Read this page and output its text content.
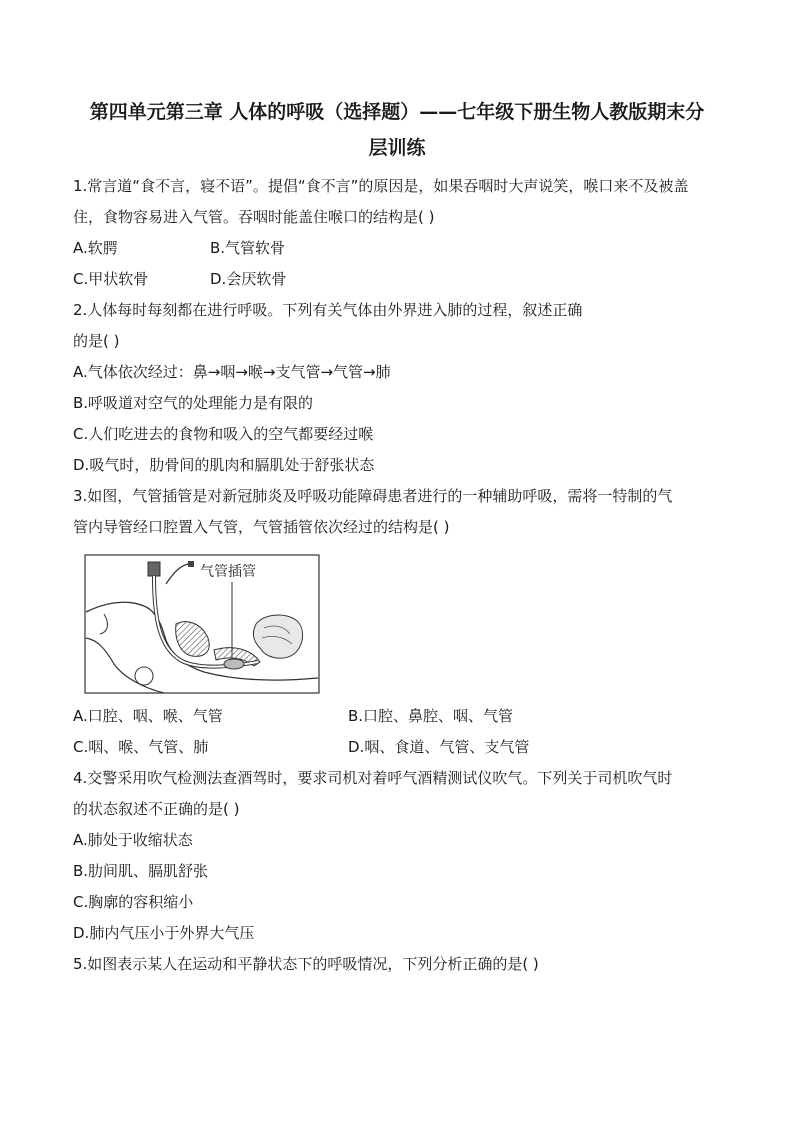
第四单元第三章 人体的呼吸（选择题）——七年级下册生物人教版期末分
层训练
1.常言道“食不言，寝不语”。提倡“食不言”的原因是，如果吞咽时大声说笑，喉口来不及被盖
住，食物容易进入气管。吞咽时能盖住喉口的结构是( )
A.软腭	B.气管软骨
C.甲状软骨	D.会厌软骨
2.人体每时每刻都在进行呼吸。下列有关气体由外界进入肺的过程，叙述正确
的是( )
A.气体依次经过：鼻→咽→喉→支气管→气管→肺
B.呼吸道对空气的处理能力是有限的
C.人们吃进去的食物和吸入的空气都要经过喉
D.吸气时，肋骨间的肌肉和膈肌处于舒张状态
3.如图，气管插管是对新冠肺炎及呼吸功能障碍患者进行的一种辅助呼吸，需将一特制的气
管内导管经口腔置入气管，气管插管依次经过的结构是( )
气管插管
A.口腔、咽、喉、气管	B.口腔、鼻腔、咽、气管
C.咽、喉、气管、肺	D.咽、食道、气管、支气管
4.交警采用吹气检测法查酒驾时，要求司机对着呼气酒精测试仪吹气。下列关于司机吹气时
的状态叙述不正确的是( )
A.肺处于收缩状态
B.肋间肌、膈肌舒张
C.胸廓的容积缩小
D.肺内气压小于外界大气压
5.如图表示某人在运动和平静状态下的呼吸情况，下列分析正确的是( )
